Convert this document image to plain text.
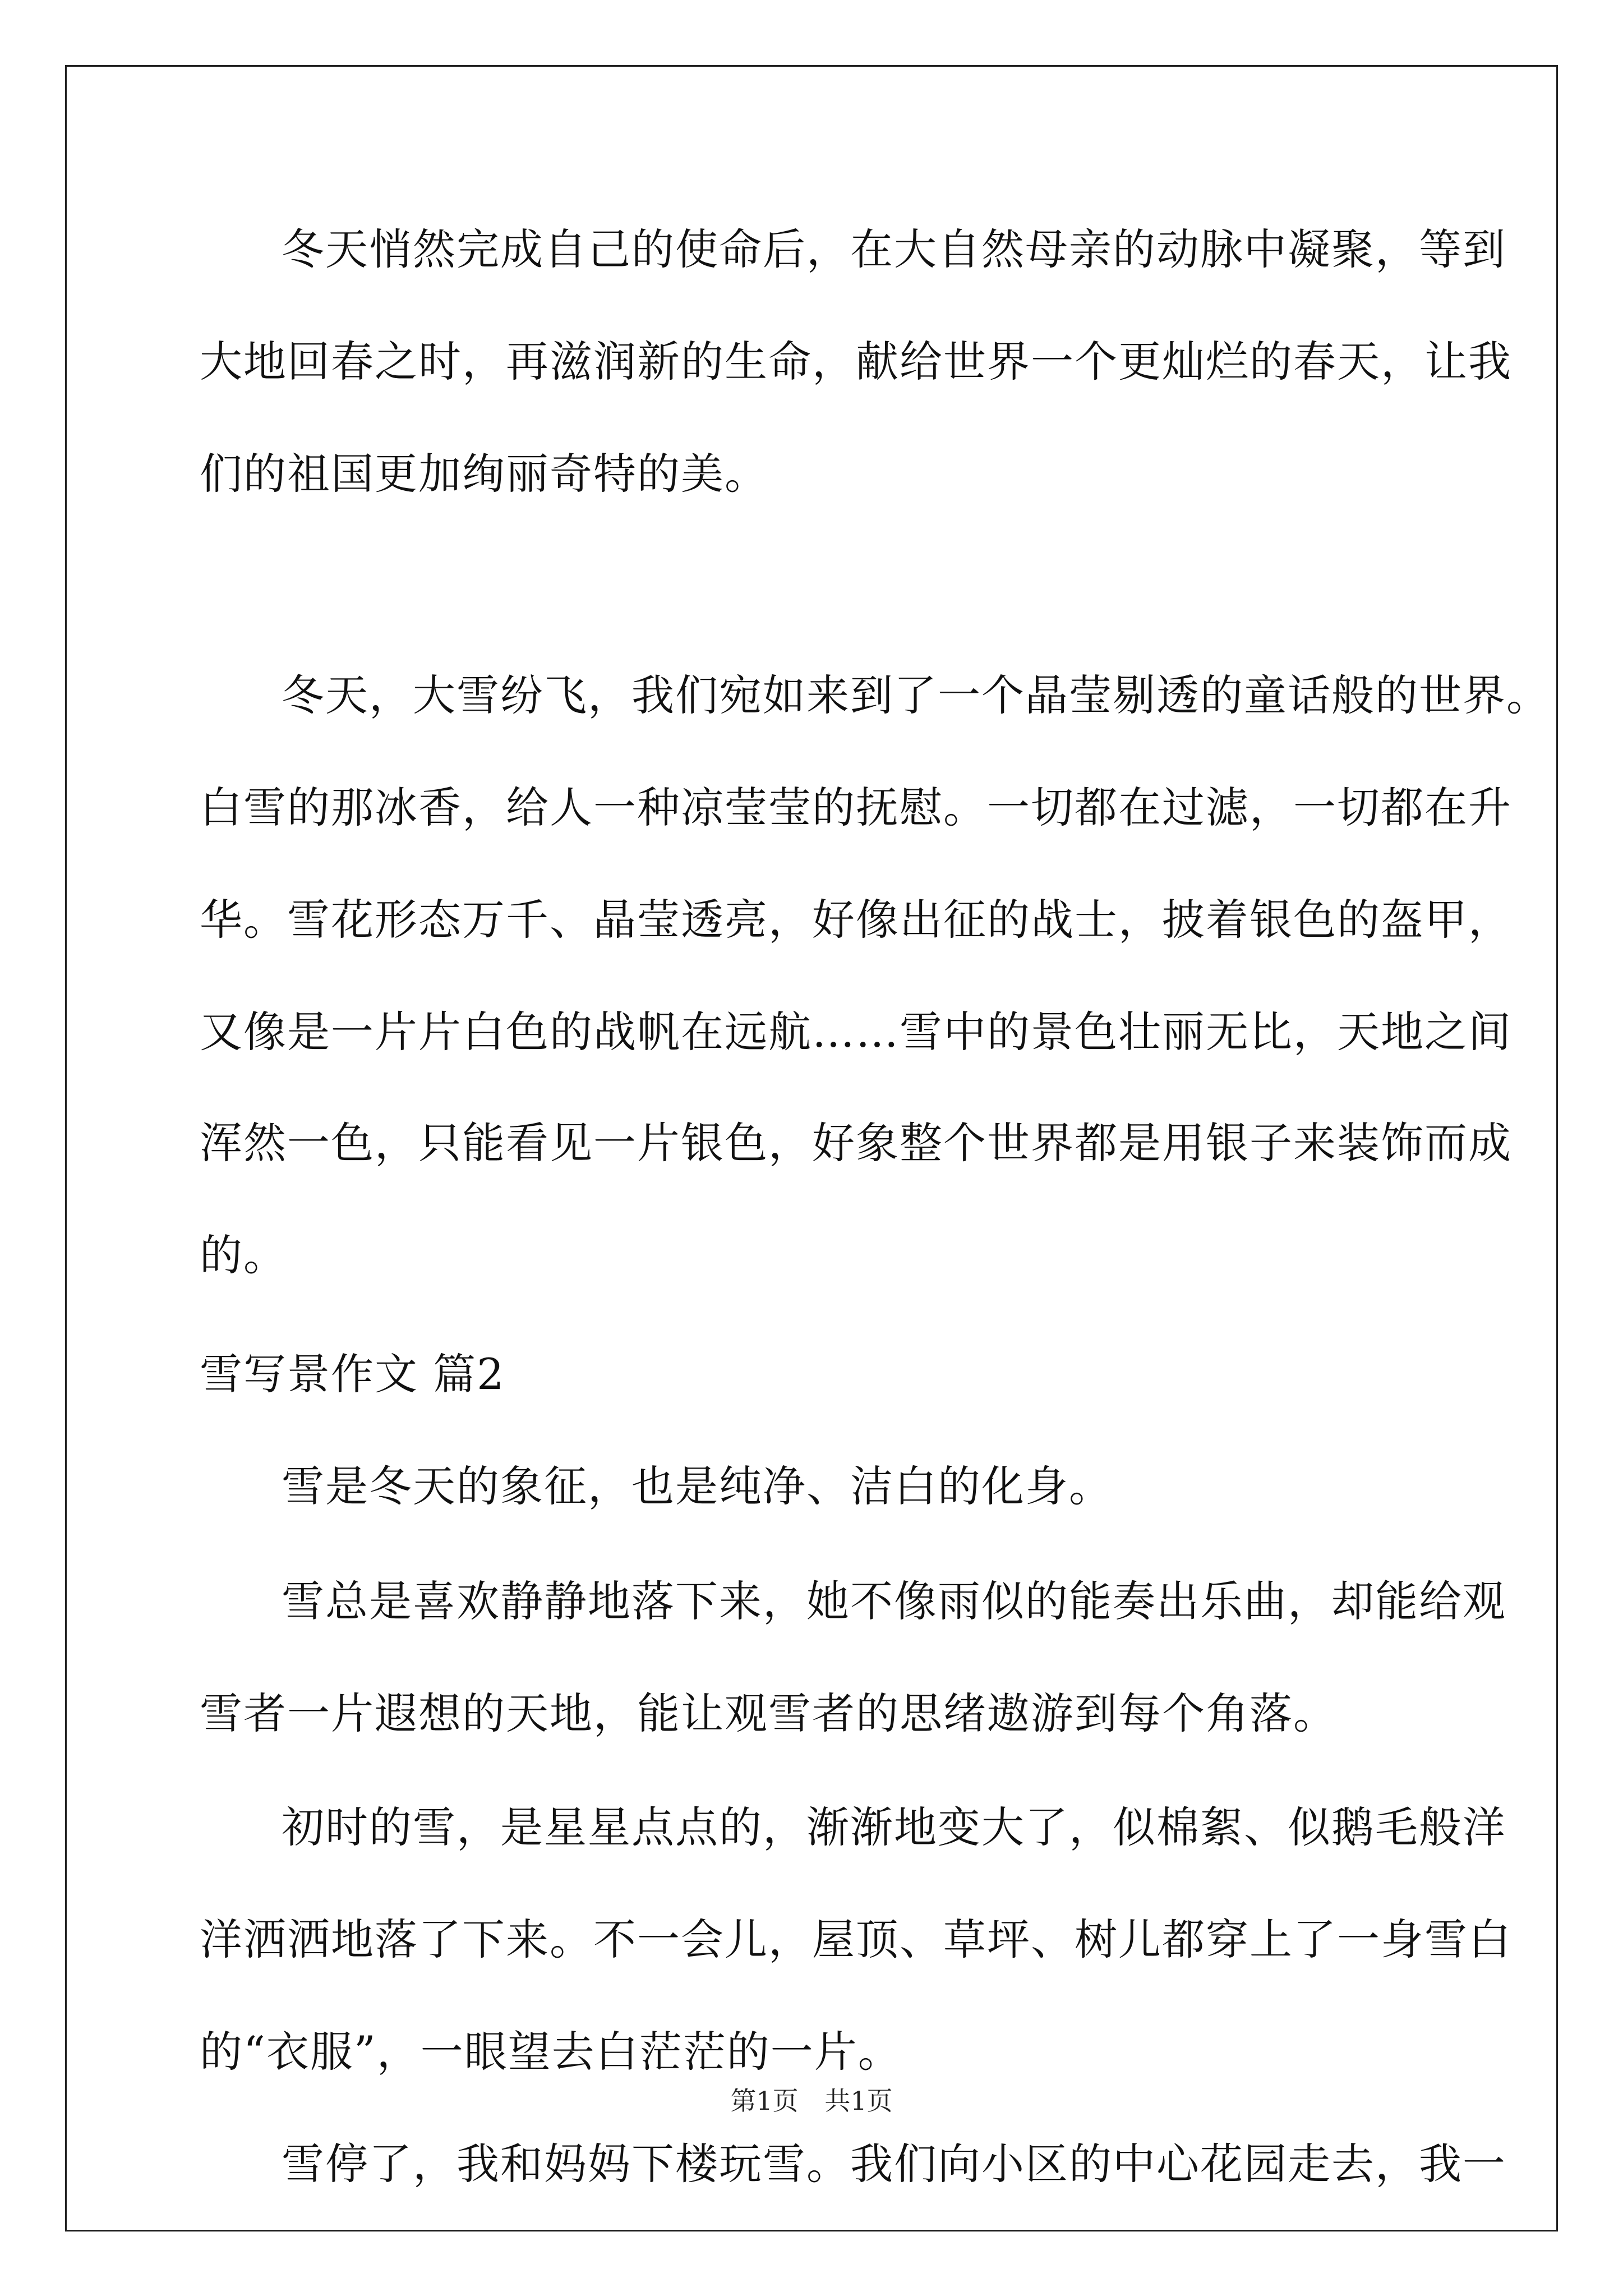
冬天悄然完成自己的使命后，在大自然母亲的动脉中凝聚，等到
大地回春之时，再滋润新的生命，献给世界一个更灿烂的春天，让我
们的祖国更加绚丽奇特的美。
冬天，大雪纷飞，我们宛如来到了一个晶莹剔透的童话般的世界。
白雪的那冰香，给人一种凉莹莹的抚慰。一切都在过滤，一切都在升
华。雪花形态万千、晶莹透亮，好像出征的战士，披着银色的盔甲，
又像是一片片白色的战帆在远航……雪中的景色壮丽无比，天地之间
浑然一色，只能看见一片银色，好象整个世界都是用银子来装饰而成
的。
雪写景作文 篇2
雪是冬天的象征，也是纯净、洁白的化身。
雪总是喜欢静静地落下来，她不像雨似的能奏出乐曲，却能给观
雪者一片遐想的天地，能让观雪者的思绪遨游到每个角落。
初时的雪，是星星点点的，渐渐地变大了，似棉絮、似鹅毛般洋
洋洒洒地落了下来。不一会儿，屋顶、草坪、树儿都穿上了一身雪白
的“衣服”，一眼望去白茫茫的一片。
雪停了，我和妈妈下楼玩雪。我们向小区的中心花园走去，我一
第1页 共1页
